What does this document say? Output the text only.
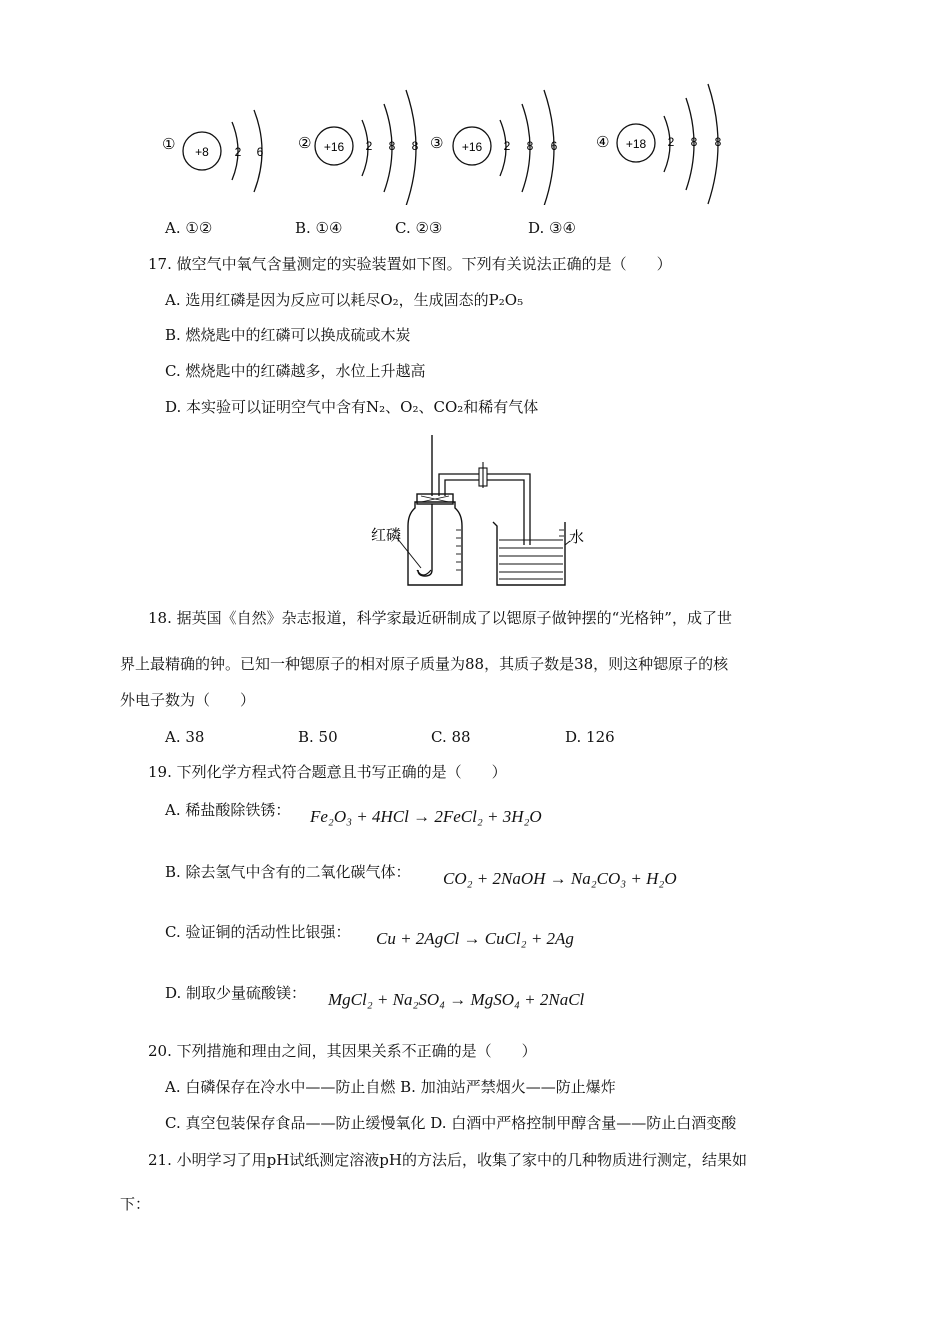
① +8 2 6 ② +16 2 8 8 ③ +16 2 8 6	④ +18 2 8 8
A. ①②	B. ①④	C. ②③	D. ③④
17. 做空气中氧气含量测定的实验装置如下图。下列有关说法正确的是（　　）
A. 选用红磷是因为反应可以耗尽O₂，生成固态的P₂O₅
B. 燃烧匙中的红磷可以换成硫或木炭
C. 燃烧匙中的红磷越多，水位上升越高
D. 本实验可以证明空气中含有N₂、O₂、CO₂和稀有气体
红磷	水
18. 据英国《自然》杂志报道，科学家最近研制成了以锶原子做钟摆的“光格钟”，成了世
界上最精确的钟。已知一种锶原子的相对原子质量为88，其质子数是38，则这种锶原子的核
外电子数为（　　）
A. 38	B. 50	C. 88	D. 126
19. 下列化学方程式符合题意且书写正确的是（　　）
A. 稀盐酸除铁锈： Fe₂O₃ + 4HCl → 2FeCl₂ + 3H₂O
B. 除去氢气中含有的二氧化碳气体： CO₂ + 2NaOH → Na₂CO₃ + H₂O
C. 验证铜的活动性比银强： Cu + 2AgCl → CuCl₂ + 2Ag
D. 制取少量硫酸镁： MgCl₂ + Na₂SO₄ → MgSO₄ + 2NaCl
20. 下列措施和理由之间，其因果关系不正确的是（　　）
A. 白磷保存在冷水中——防止自燃 B. 加油站严禁烟火——防止爆炸
C. 真空包装保存食品——防止缓慢氧化 D. 白酒中严格控制甲醇含量——防止白酒变酸
21. 小明学习了用pH试纸测定溶液pH的方法后，收集了家中的几种物质进行测定，结果如
下：
